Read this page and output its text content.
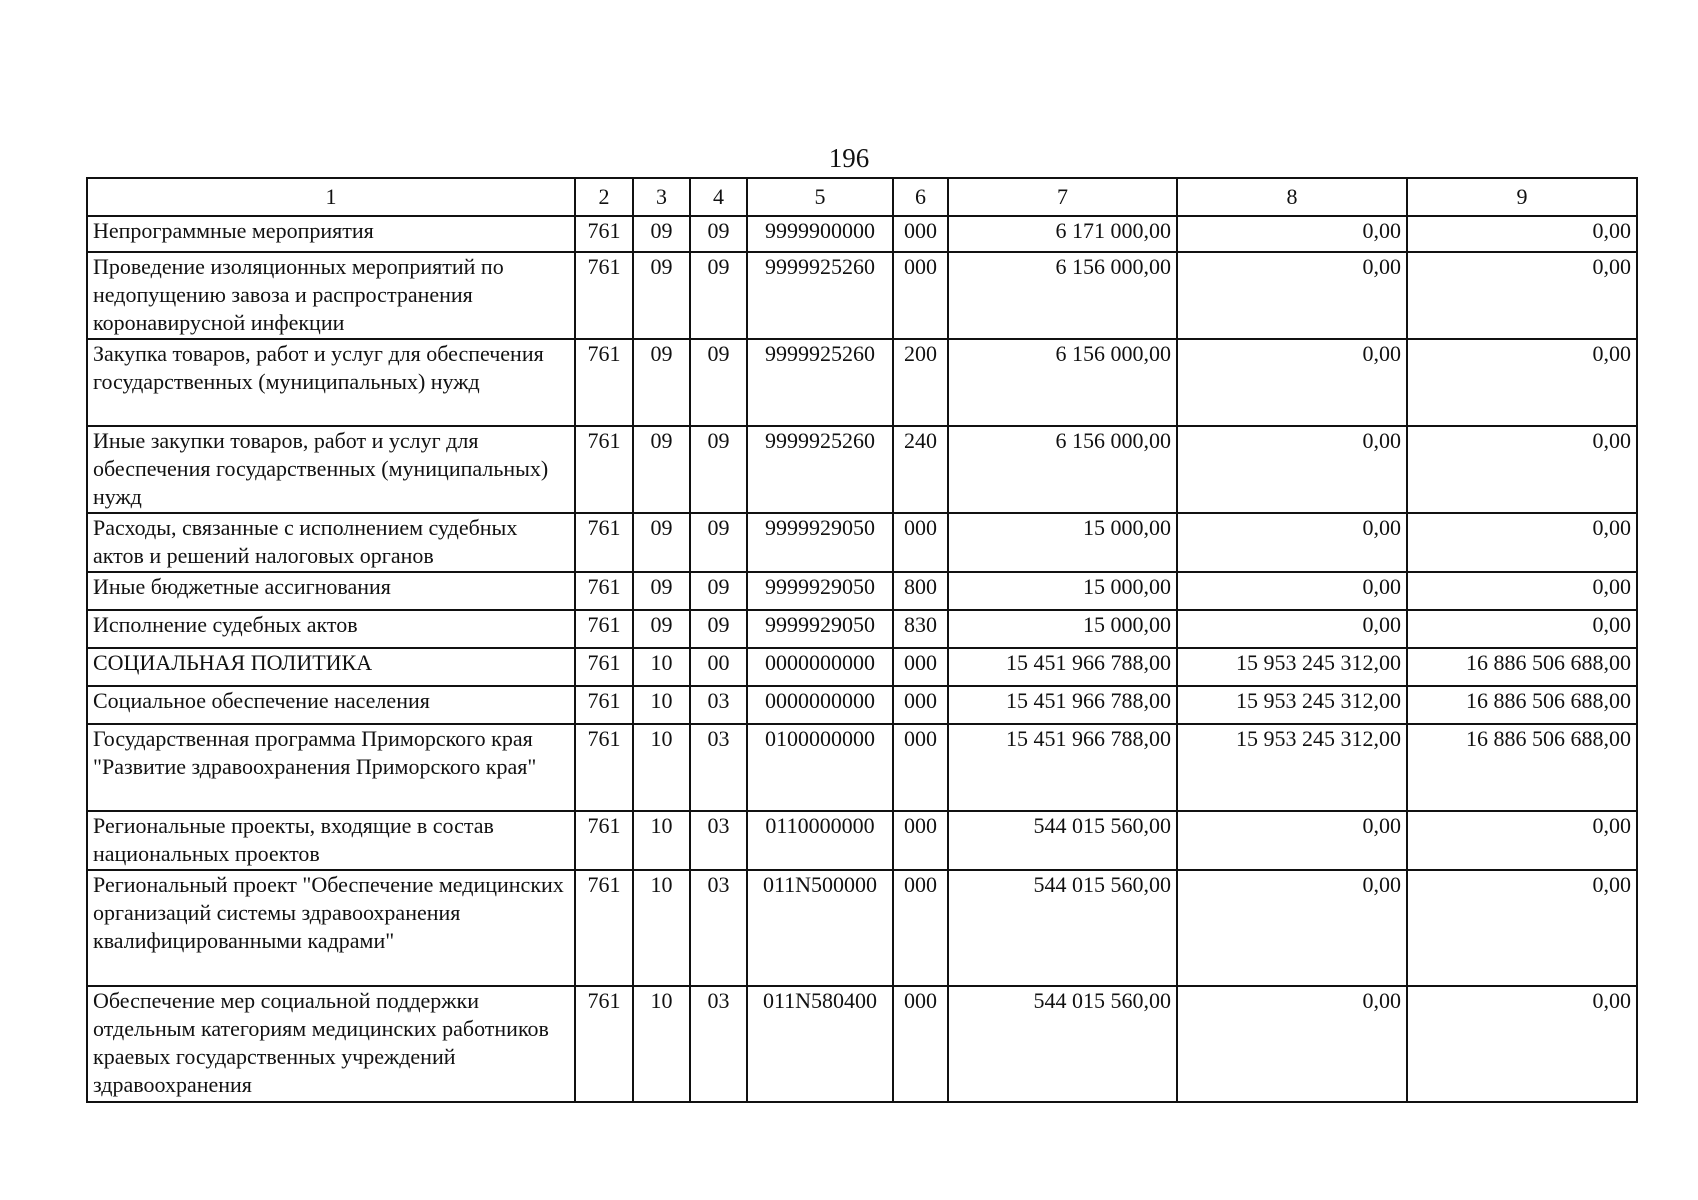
196
1	2	3	4	5	6	7	8	9
Непрограммные мероприятия	761	09	09	9999900000	000	6 171 000,00	0,00	0,00
Проведение изоляционных мероприятий по недопущению завоза и распространения коронавирусной инфекции	761	09	09	9999925260	000	6 156 000,00	0,00	0,00
Закупка товаров, работ и услуг для обеспечения государственных (муниципальных) нужд	761	09	09	9999925260	200	6 156 000,00	0,00	0,00
Иные закупки товаров, работ и услуг для обеспечения государственных (муниципальных) нужд	761	09	09	9999925260	240	6 156 000,00	0,00	0,00
Расходы, связанные с исполнением судебных актов и решений налоговых органов	761	09	09	9999929050	000	15 000,00	0,00	0,00
Иные бюджетные ассигнования	761	09	09	9999929050	800	15 000,00	0,00	0,00
Исполнение судебных актов	761	09	09	9999929050	830	15 000,00	0,00	0,00
СОЦИАЛЬНАЯ ПОЛИТИКА	761	10	00	0000000000	000	15 451 966 788,00	15 953 245 312,00	16 886 506 688,00
Социальное обеспечение населения	761	10	03	0000000000	000	15 451 966 788,00	15 953 245 312,00	16 886 506 688,00
Государственная программа Приморского края "Развитие здравоохранения Приморского края"	761	10	03	0100000000	000	15 451 966 788,00	15 953 245 312,00	16 886 506 688,00
Региональные проекты, входящие в состав национальных проектов	761	10	03	0110000000	000	544 015 560,00	0,00	0,00
Региональный проект "Обеспечение медицинских организаций системы здравоохранения квалифицированными кадрами"	761	10	03	011N500000	000	544 015 560,00	0,00	0,00
Обеспечение мер социальной поддержки отдельным категориям медицинских работников краевых государственных учреждений здравоохранения	761	10	03	011N580400	000	544 015 560,00	0,00	0,00
